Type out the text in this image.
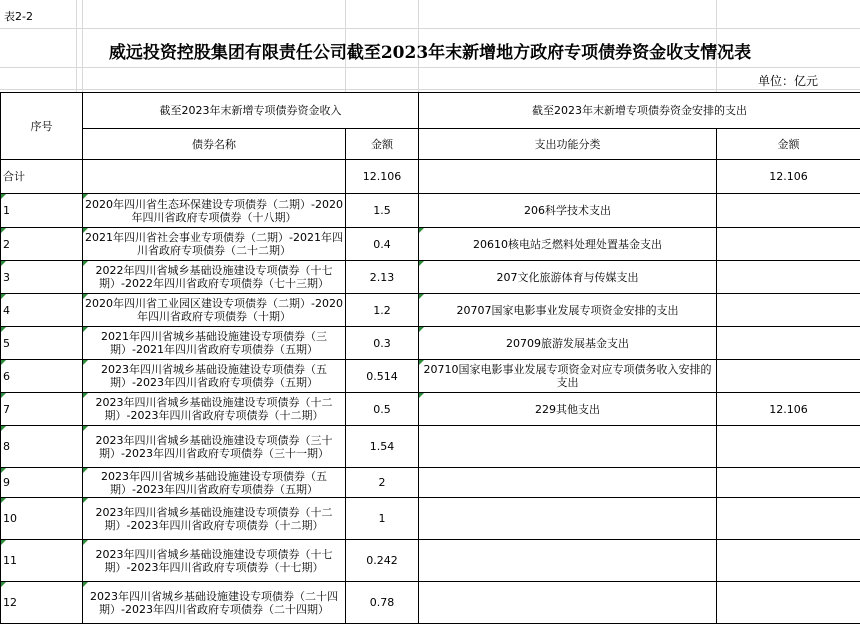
表2-2
威远投资控股集团有限责任公司截至2023年末新增地方政府专项债券资金收支情况表
单位：亿元
序号	截至2023年末新增专项债券资金收入		截至2023年末新增专项债券资金安排的支出	
	债券名称	金额	支出功能分类	金额
合计		12.106		12.106
1	2020年四川省生态环保建设专项债券（二期）-2020年四川省政府专项债券（十八期）	1.5	206科学技术支出	
2	2021年四川省社会事业专项债券（二期）-2021年四川省政府专项债券（二十二期）	0.4	20610核电站乏燃料处理处置基金支出	
3	2022年四川省城乡基础设施建设专项债券（十七期）-2022年四川省政府专项债券（七十三期）	2.13	207文化旅游体育与传媒支出	
4	2020年四川省工业园区建设专项债券（二期）-2020年四川省政府专项债券（十期）	1.2	20707国家电影事业发展专项资金安排的支出	
5	2021年四川省城乡基础设施建设专项债券（三期）-2021年四川省政府专项债券（五期）	0.3	20709旅游发展基金支出	
6	2023年四川省城乡基础设施建设专项债券（五期）-2023年四川省政府专项债券（五期）	0.514	20710国家电影事业发展专项资金对应专项债务收入安排的支出	

7	2023年四川省城乡基础设施建设专项债券（十二期）-2023年四川省政府专项债券（十二期）	0.5	229其他支出	12.106
8	2023年四川省城乡基础设施建设专项债券（三十期）-2023年四川省政府专项债券（三十一期）	1.54		
9	2023年四川省城乡基础设施建设专项债券（五期）-2023年四川省政府专项债券（五期）	2		
10	2023年四川省城乡基础设施建设专项债券（十二期）-2023年四川省政府专项债券（十二期）	1		
11	2023年四川省城乡基础设施建设专项债券（十七期）-2023年四川省政府专项债券（十七期）	0.242		
12	2023年四川省城乡基础设施建设专项债券（二十四期）-2023年四川省政府专项债券（二十四期）	0.78		
